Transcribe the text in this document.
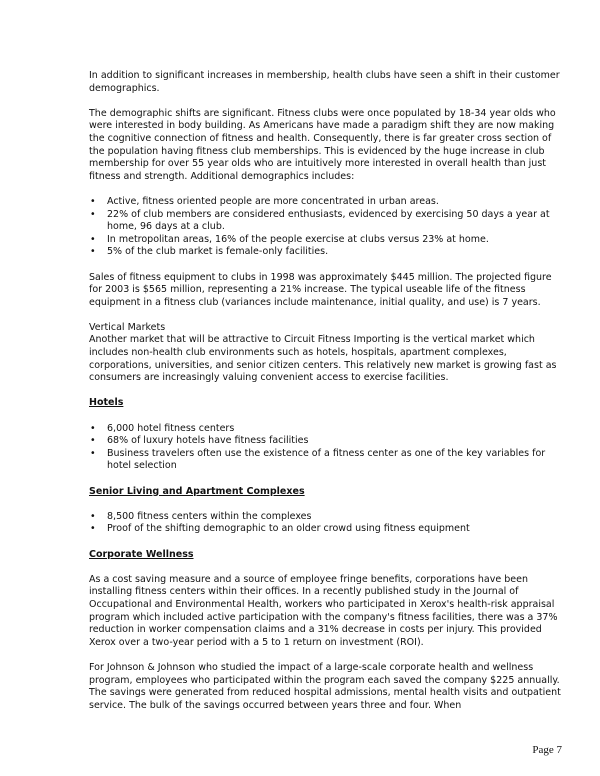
In addition to significant increases in membership, health clubs have seen a shift in their customer demographics.

The demographic shifts are significant. Fitness clubs were once populated by 18-34 year olds who were interested in body building. As Americans have made a paradigm shift they are now making the cognitive connection of fitness and health. Consequently, there is far greater cross section of the population having fitness club memberships. This is evidenced by the huge increase in club membership for over 55 year olds who are intuitively more interested in overall health than just fitness and strength. Additional demographics includes:

• Active, fitness oriented people are more concentrated in urban areas.
• 22% of club members are considered enthusiasts, evidenced by exercising 50 days a year at home, 96 days at a club.
• In metropolitan areas, 16% of the people exercise at clubs versus 23% at home.
• 5% of the club market is female-only facilities.

Sales of fitness equipment to clubs in 1998 was approximately $445 million. The projected figure for 2003 is $565 million, representing a 21% increase. The typical useable life of the fitness equipment in a fitness club (variances include maintenance, initial quality, and use) is 7 years.

Vertical Markets

Another market that will be attractive to Circuit Fitness Importing is the vertical market which includes non-health club environments such as hotels, hospitals, apartment complexes, corporations, universities, and senior citizen centers. This relatively new market is growing fast as consumers are increasingly valuing convenient access to exercise facilities.

Hotels
• 6,000 hotel fitness centers
• 68% of luxury hotels have fitness facilities
• Business travelers often use the existence of a fitness center as one of the key variables for hotel selection
Senior Living and Apartment Complexes
• 8,500 fitness centers within the complexes
• Proof of the shifting demographic to an older crowd using fitness equipment
Corporate Wellness

As a cost saving measure and a source of employee fringe benefits, corporations have been installing fitness centers within their offices. In a recently published study in the Journal of Occupational and Environmental Health, workers who participated in Xerox's health-risk appraisal program which included active participation with the company's fitness facilities, there was a 37% reduction in worker compensation claims and a 31% decrease in costs per injury. This provided Xerox over a two-year period with a 5 to 1 return on investment (ROI).

For Johnson & Johnson who studied the impact of a large-scale corporate health and wellness program, employees who participated within the program each saved the company $225 annually. The savings were generated from reduced hospital admissions, mental health visits and outpatient service. The bulk of the savings occurred between years three and four. When

Page 7
